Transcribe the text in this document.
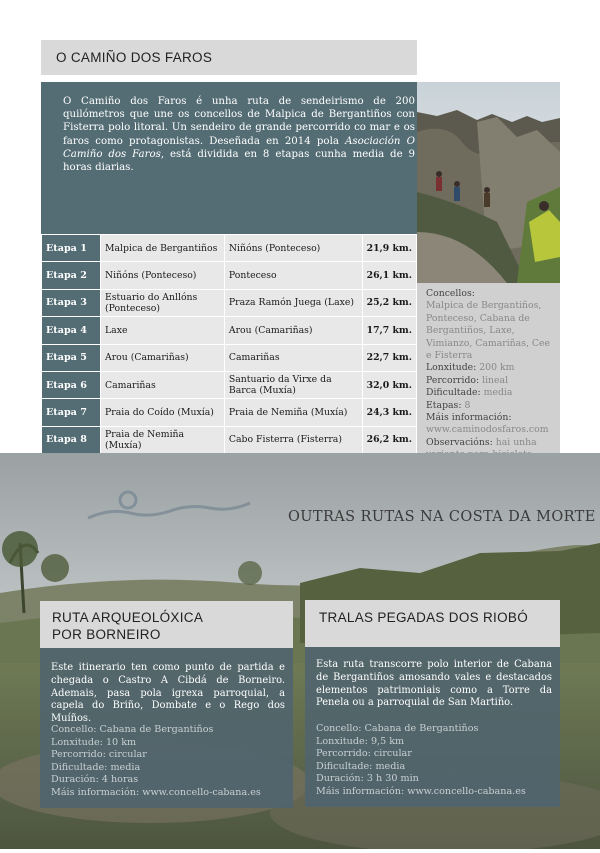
O CAMIÑO DOS FAROS
O Camiño dos Faros é unha ruta de sendeirismo de 200 quilómetros que une os concellos de Malpica de Bergantiños con Fisterra polo litoral. Un sendeiro de grande percorrido co mar e os faros como protagonistas. Deseñada en 2014 pola Asociación O Camiño dos Faros, está dividida en 8 etapas cunha media de 9 horas diarias.
Etapa 1	Malpica de Bergantiños	Niñóns (Ponteceso)	21,9 km.
Etapa 2	Niñóns (Ponteceso)	Ponteceso	26,1 km.
Etapa 3	Estuario do Anllóns (Ponteceso)	Praza Ramón Juega (Laxe)	25,2 km.
Etapa 4	Laxe	Arou (Camariñas)	17,7 km.
Etapa 5	Arou (Camariñas)	Camariñas	22,7 km.
Etapa 6	Camariñas	Santuario da Virxe da Barca (Muxía)	32,0 km.
Etapa 7	Praia do Coído (Muxía)	Praia de Nemiña (Muxía)	24,3 km.
Etapa 8	Praia de Nemiña (Muxía)	Cabo Fisterra (Fisterra)	26,2 km.
Concellos:
Malpica de Bergantiños, Ponteceso, Cabana de Bergantiños, Laxe, Vimianzo, Camariñas, Cee e Fisterra
Lonxitude: 200 km
Percorrido: lineal
Dificultade: media
Etapas: 8
Máis información:
www.caminodosfaros.com
Observacións: hai unha
OUTRAS RUTAS NA COSTA DA MORTE
RUTA ARQUEOLÓXICA
POR BORNEIRO
Este itinerario ten como punto de partida e chegada o Castro A Cibdá de Borneiro. Ademais, pasa pola igrexa parroquial, a capela do Briño, Dombate e o Rego dos Muíños.
Concello: Cabana de Bergantiños
Lonxitude: 10 km
Percorrido: circular
Dificultade: media
Duración: 4 horas
Máis información: www.concello-cabana.es
TRALAS PEGADAS DOS RIOBÓ
Esta ruta transcorre polo interior de Cabana de Bergantiños amosando vales e destacados elementos patrimoniais como a Torre da Penela ou a parroquial de San Martiño.
Concello: Cabana de Bergantiños
Lonxitude: 9,5 km
Percorrido: circular
Dificultade: media
Duración: 3 h 30 min
Máis información: www.concello-cabana.es
